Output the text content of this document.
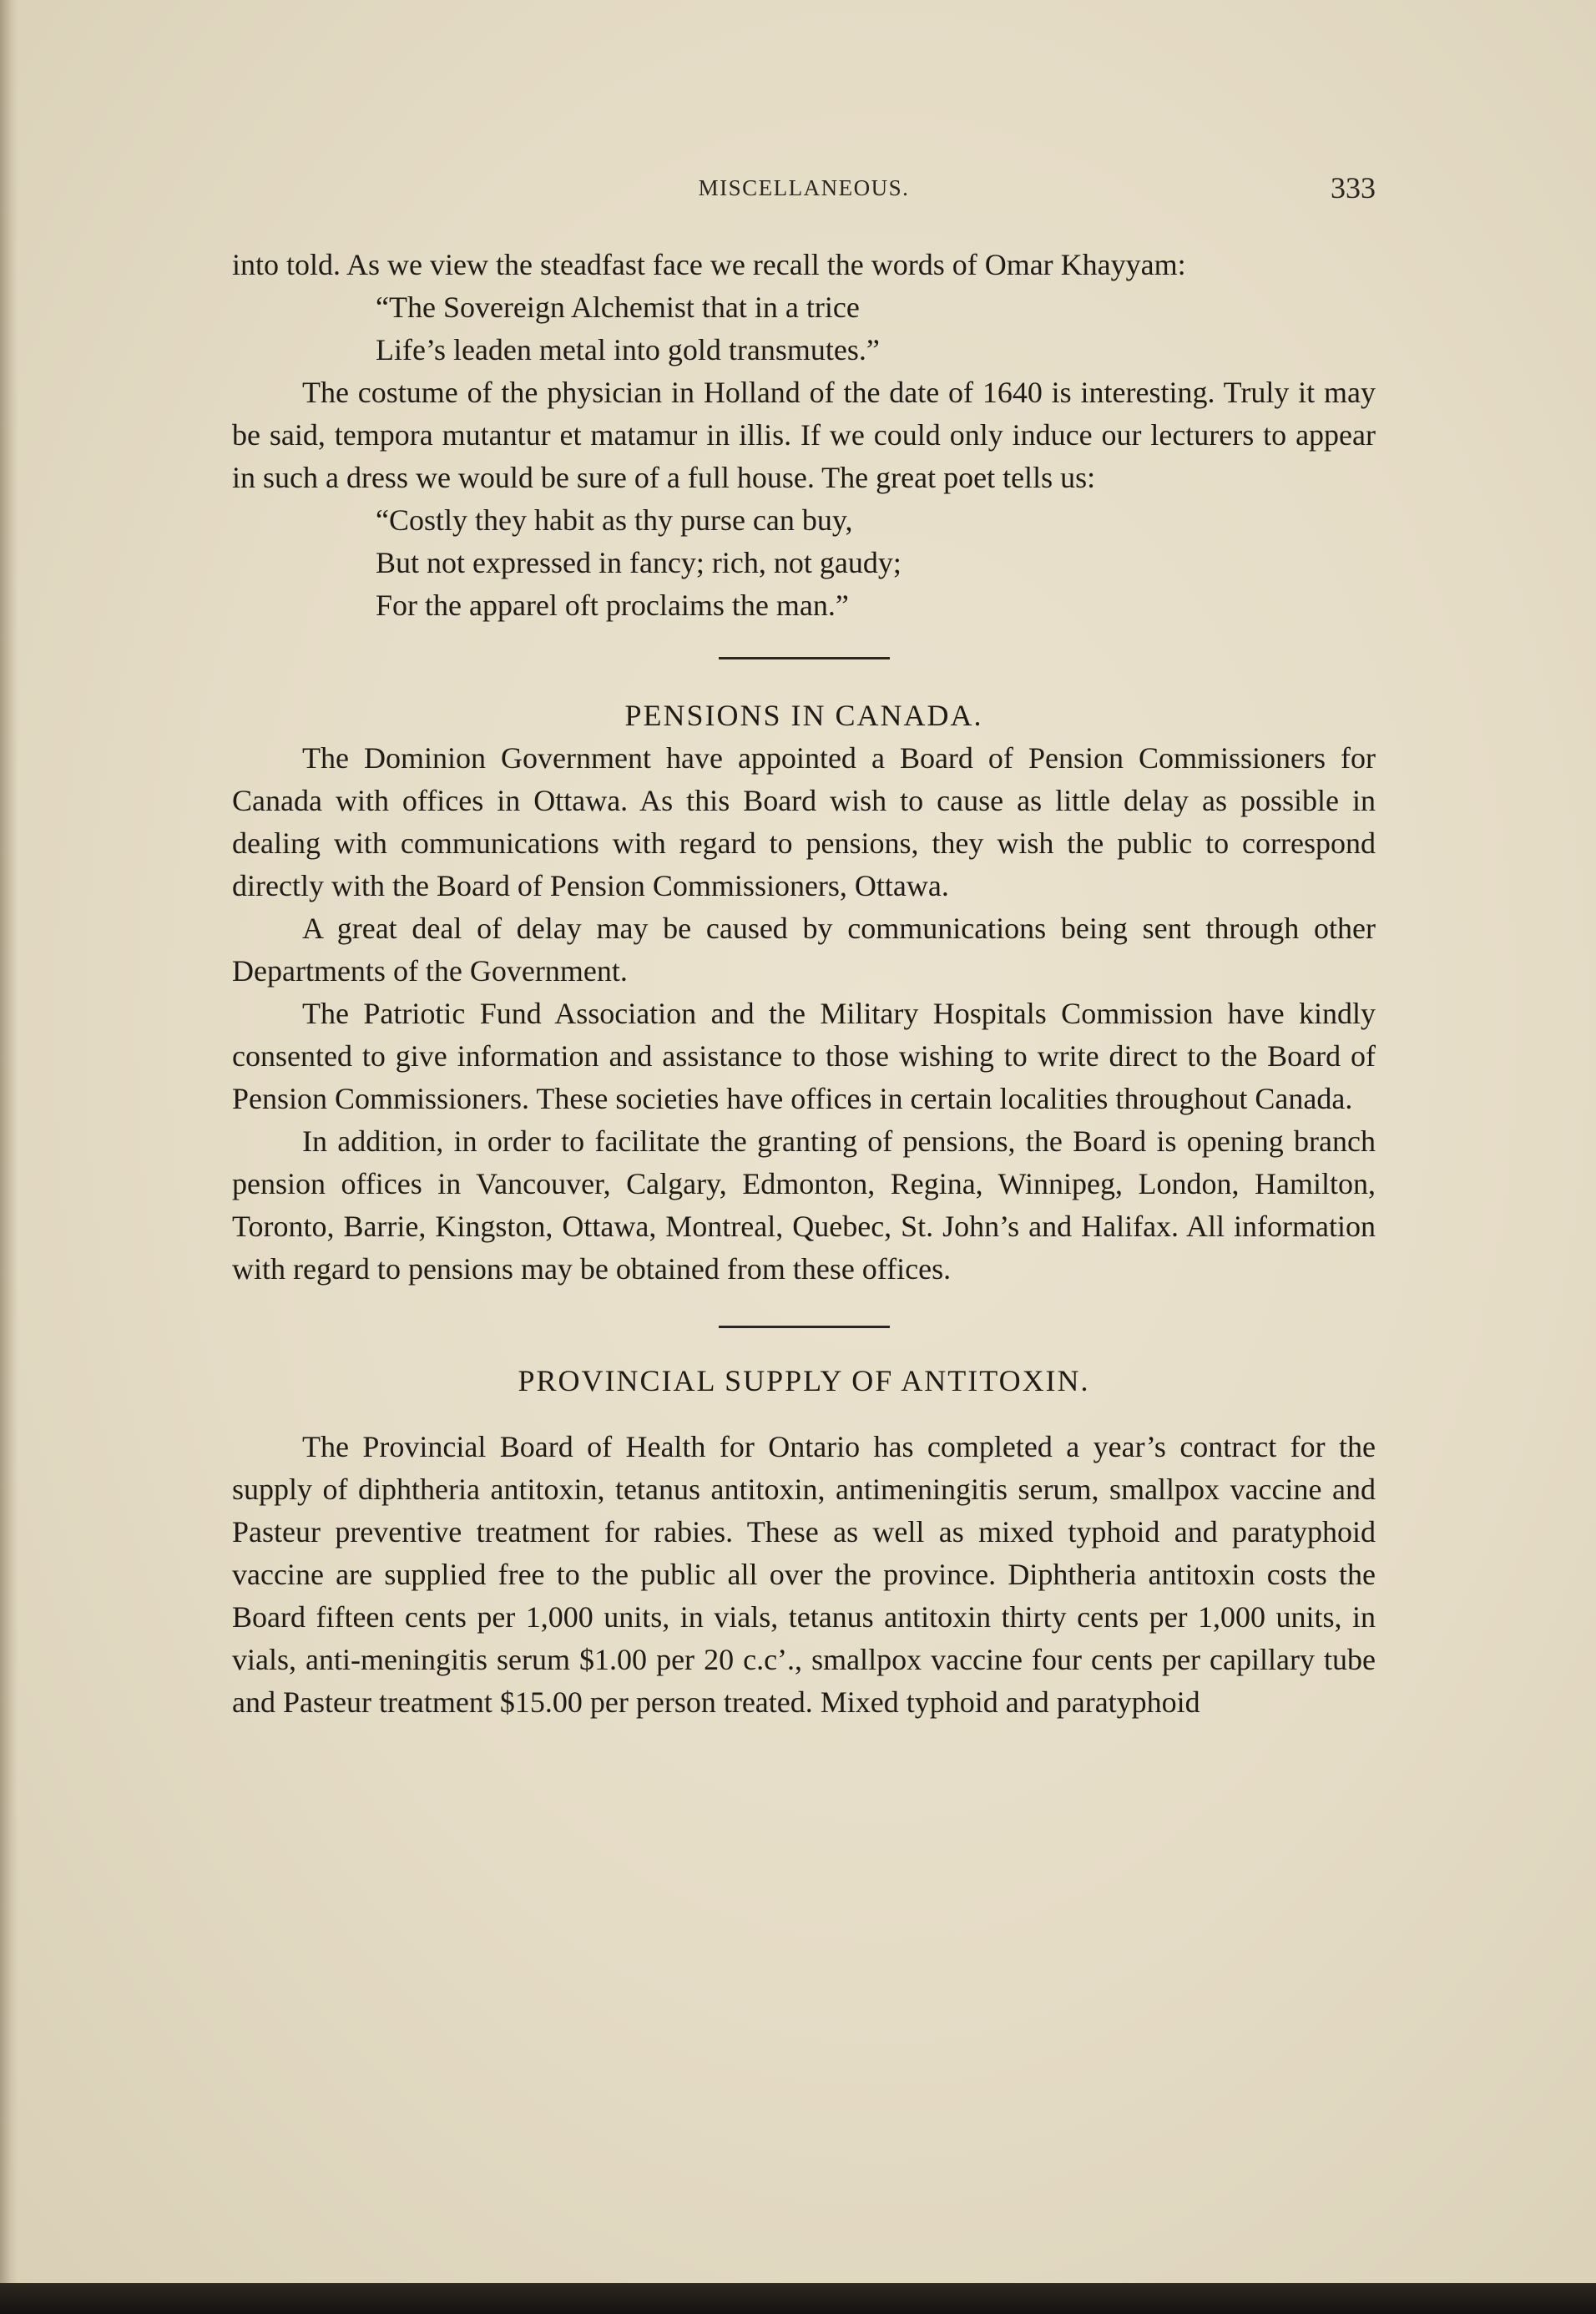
MISCELLANEOUS.	333

into told. As we view the steadfast face we recall the words of Omar Khayyam:

“The Sovereign Alchemist that in a trice
Life’s leaden metal into gold transmutes.”

The costume of the physician in Holland of the date of 1640 is interesting. Truly it may be said, tempora mutantur et matamur in illis. If we could only induce our lecturers to appear in such a dress we would be sure of a full house. The great poet tells us:

“Costly they habit as thy purse can buy,
But not expressed in fancy; rich, not gaudy;
For the apparel oft proclaims the man.”
PENSIONS IN CANADA.

The Dominion Government have appointed a Board of Pension Commissioners for Canada with offices in Ottawa. As this Board wish to cause as little delay as possible in dealing with communications with regard to pensions, they wish the public to correspond directly with the Board of Pension Commissioners, Ottawa.

A great deal of delay may be caused by communications being sent through other Departments of the Government.

The Patriotic Fund Association and the Military Hospitals Commission have kindly consented to give information and assistance to those wishing to write direct to the Board of Pension Commissioners. These societies have offices in certain localities throughout Canada.

In addition, in order to facilitate the granting of pensions, the Board is opening branch pension offices in Vancouver, Calgary, Edmonton, Regina, Winnipeg, London, Hamilton, Toronto, Barrie, Kingston, Ottawa, Montreal, Quebec, St. John’s and Halifax. All information with regard to pensions may be obtained from these offices.

PROVINCIAL SUPPLY OF ANTITOXIN.

The Provincial Board of Health for Ontario has completed a year’s contract for the supply of diphtheria antitoxin, tetanus antitoxin, antimeningitis serum, smallpox vaccine and Pasteur preventive treatment for rabies. These as well as mixed typhoid and paratyphoid vaccine are supplied free to the public all over the province. Diphtheria antitoxin costs the Board fifteen cents per 1,000 units, in vials, tetanus antitoxin thirty cents per 1,000 units, in vials, anti-meningitis serum $1.00 per 20 c.c’., smallpox vaccine four cents per capillary tube and Pasteur treatment $15.00 per person treated. Mixed typhoid and paratyphoid
